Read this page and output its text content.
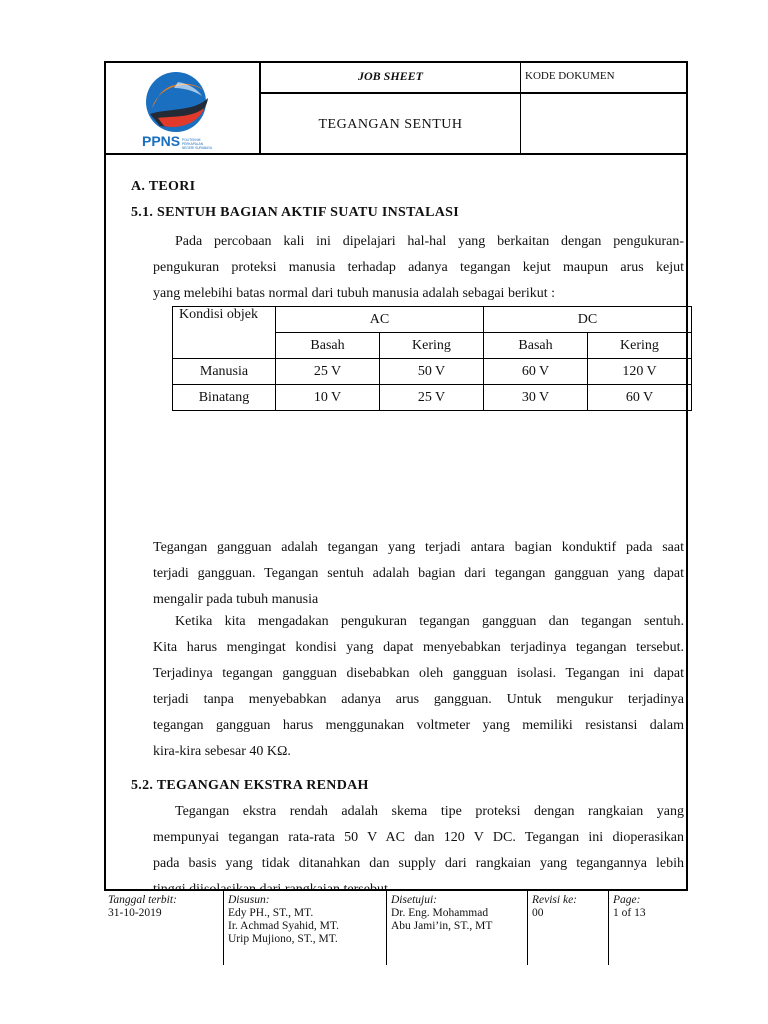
JOB SHEET	KODE DOKUMEN
TEGANGAN SENTUH
PPNS POLITEKNIK
PERKAPALAN
NEGERI SURABAYA
A. TEORI
5.1. SENTUH BAGIAN AKTIF SUATU INSTALASI
Pada percobaan kali ini dipelajari hal-hal yang berkaitan dengan pengukuran-
pengukuran proteksi manusia terhadap adanya tegangan kejut maupun arus kejut
yang melebihi batas normal dari tubuh manusia adalah sebagai berikut :
Kondisi objek	AC		DC	
	Basah	Kering	Basah	Kering
Manusia	25 V	50 V	60 V	120 V
Binatang	10 V	25 V	30 V	60 V
Tegangan gangguan adalah tegangan yang terjadi antara bagian konduktif pada saat
terjadi gangguan. Tegangan sentuh adalah bagian dari tegangan gangguan yang dapat
mengalir pada tubuh manusia
Ketika kita mengadakan pengukuran tegangan gangguan dan tegangan sentuh.
Kita harus mengingat kondisi yang dapat menyebabkan terjadinya tegangan tersebut.
Terjadinya tegangan gangguan disebabkan oleh gangguan isolasi. Tegangan ini dapat
terjadi tanpa menyebabkan adanya arus gangguan. Untuk mengukur terjadinya
tegangan gangguan harus menggunakan voltmeter yang memiliki resistansi dalam
kira-kira sebesar 40 KΩ.
5.2. TEGANGAN EKSTRA RENDAH
Tegangan ekstra rendah adalah skema tipe proteksi dengan rangkaian yang
mempunyai tegangan rata-rata 50 V AC dan 120 V DC. Tegangan ini dioperasikan
pada basis yang tidak ditanahkan dan supply dari rangkaian yang tegangannya lebih
Tanggal terbit:
31-10-2019
Disusun:
Edy PH., ST., MT.
Ir. Achmad Syahid, MT.
Urip Mujiono, ST., MT.
Disetujui:
Dr. Eng. Mohammad
Abu Jami’in, ST., MT
Revisi ke:
00
Page:
1 of 13
